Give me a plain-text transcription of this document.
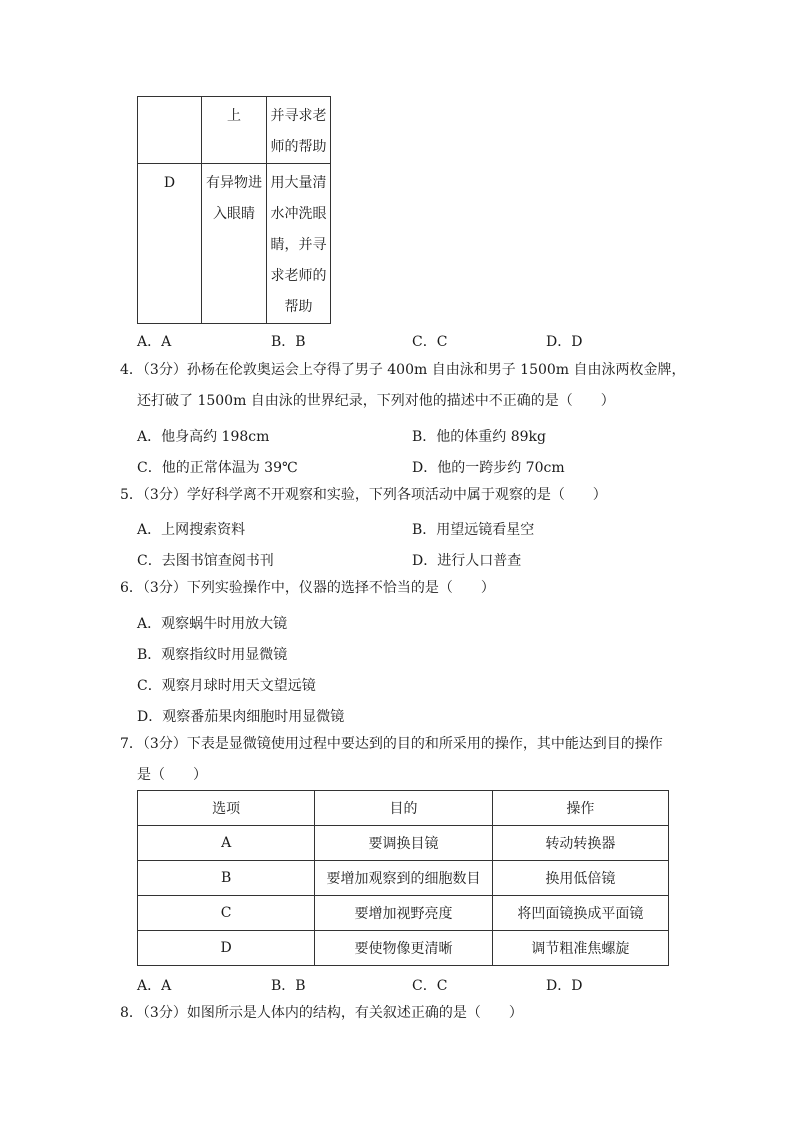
	上	并寻求老
师的帮助

D	有异物进
入眼睛	用大量清
水冲洗眼
睛，并寻
求老师的
帮助
A．A	B．B	C．C	D．D
4．（3分）孙杨在伦敦奥运会上夺得了男子 400m 自由泳和男子 1500m 自由泳两枚金牌，
还打破了 1500m 自由泳的世界纪录，下列对他的描述中不正确的是（　　）
A．他身高约 198cm	B．他的体重约 89kg
C．他的正常体温为 39℃	D．他的一跨步约 70cm
5．（3分）学好科学离不开观察和实验，下列各项活动中属于观察的是（　　）
A．上网搜索资料	B．用望远镜看星空
C．去图书馆查阅书刊	D．进行人口普查
6．（3分）下列实验操作中，仪器的选择不恰当的是（　　）
A．观察蜗牛时用放大镜
B．观察指纹时用显微镜
C．观察月球时用天文望远镜
D．观察番茄果肉细胞时用显微镜
7．（3分）下表是显微镜使用过程中要达到的目的和所采用的操作，其中能达到目的操作
是（　　）
选项	目的	操作
A	要调换目镜	转动转换器
B	要增加观察到的细胞数目	换用低倍镜
C	要增加视野亮度	将凹面镜换成平面镜
D	要使物像更清晰	调节粗准焦螺旋
A．A	B．B	C．C	D．D
8．（3分）如图所示是人体内的结构，有关叙述正确的是（　　）
